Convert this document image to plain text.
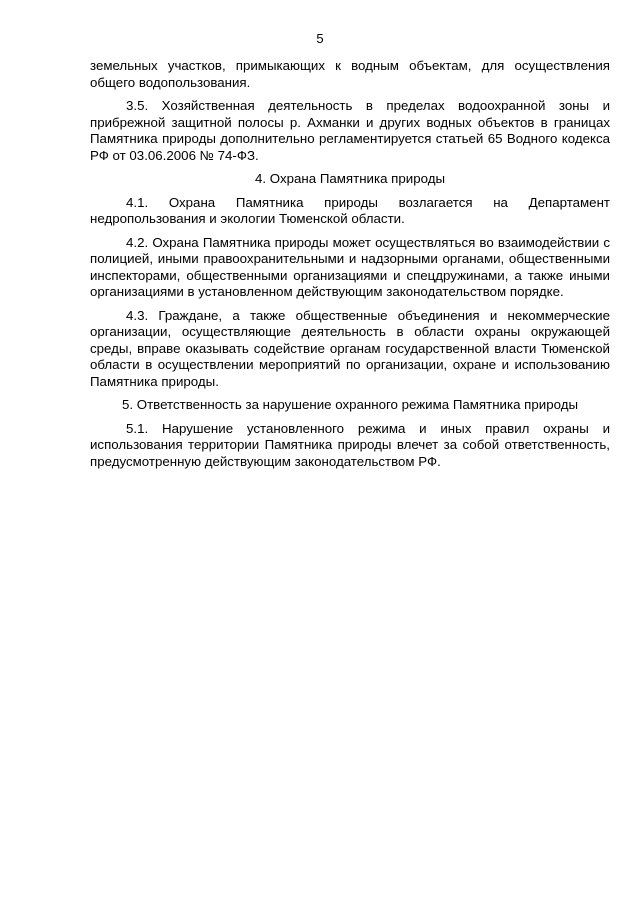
5

земельных участков, примыкающих к водным объектам, для осуществления общего водопользования.

3.5. Хозяйственная деятельность в пределах водоохранной зоны и прибрежной защитной полосы р. Ахманки и других водных объектов в границах Памятника природы дополнительно регламентируется статьей 65 Водного кодекса РФ от 03.06.2006 № 74-ФЗ.

4. Охрана Памятника природы

4.1. Охрана Памятника природы возлагается на Департамент недропользования и экологии Тюменской области.

4.2. Охрана Памятника природы может осуществляться во взаимодействии с полицией, иными правоохранительными и надзорными органами, общественными инспекторами, общественными организациями и спецдружинами, а также иными организациями в установленном действующим законодательством порядке.

4.3. Граждане, а также общественные объединения и некоммерческие организации, осуществляющие деятельность в области охраны окружающей среды, вправе оказывать содействие органам государственной власти Тюменской области в осуществлении мероприятий по организации, охране и использованию Памятника природы.

5. Ответственность за нарушение охранного режима Памятника природы

5.1. Нарушение установленного режима и иных правил охраны и использования территории Памятника природы влечет за собой ответственность, предусмотренную действующим законодательством РФ.
